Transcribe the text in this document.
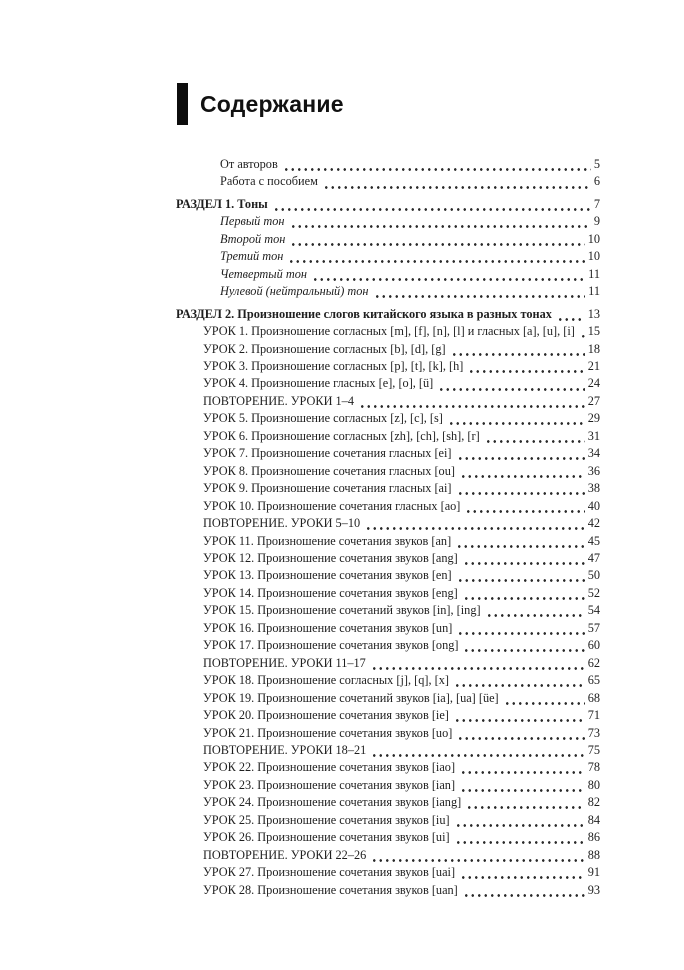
Содержание
От авторов	5
Работа с пособием	6
РАЗДЕЛ 1. Тоны	7
Первый тон	9
Второй тон	10
Третий тон	10
Четвертый тон	11
Нулевой (нейтральный) тон	11
РАЗДЕЛ 2. Произношение слогов китайского языка в разных тонах	13
УРОК 1. Произношение согласных [m], [f], [n], [l] и гласных [a], [u], [i] 15
УРОК 2. Произношение согласных [b], [d], [g]	18
УРОК 3. Произношение согласных [p], [t], [k], [h]	21
УРОК 4. Произношение гласных [e], [o], [ü]	24
ПОВТОРЕНИЕ. УРОКИ 1–4	27
УРОК 5. Произношение согласных [z], [c], [s]	29
УРОК 6. Произношение согласных [zh], [ch], [sh], [r]	31
УРОК 7. Произношение сочетания гласных [ei]	34
УРОК 8. Произношение сочетания гласных [ou]	36
УРОК 9. Произношение сочетания гласных [ai]	38
УРОК 10. Произношение сочетания гласных [ao]	40
ПОВТОРЕНИЕ. УРОКИ 5–10	42
УРОК 11. Произношение сочетания звуков [an]	45
УРОК 12. Произношение сочетания звуков [ang]	47
УРОК 13. Произношение сочетания звуков [en]	50
УРОК 14. Произношение сочетания звуков [eng]	52
УРОК 15. Произношение сочетаний звуков [in], [ing]	54
УРОК 16. Произношение сочетания звуков [un]	57
УРОК 17. Произношение сочетания звуков [ong]	60
ПОВТОРЕНИЕ. УРОКИ 11–17	62
УРОК 18. Произношение согласных [j], [q], [x]	65
УРОК 19. Произношение сочетаний звуков [ia], [ua] [üe]	68
УРОК 20. Произношение сочетания звуков [ie]	71
УРОК 21. Произношение сочетания звуков [uo]	73
ПОВТОРЕНИЕ. УРОКИ 18–21	75
УРОК 22. Произношение сочетания звуков [iao]	78
УРОК 23. Произношение сочетания звуков [ian]	80
УРОК 24. Произношение сочетания звуков [iang]	82
УРОК 25. Произношение сочетания звуков [iu]	84
УРОК 26. Произношение сочетания звуков [ui]	86
ПОВТОРЕНИЕ. УРОКИ 22–26	88
УРОК 27. Произношение сочетания звуков [uai]	91
УРОК 28. Произношение сочетания звуков [uan]	93
